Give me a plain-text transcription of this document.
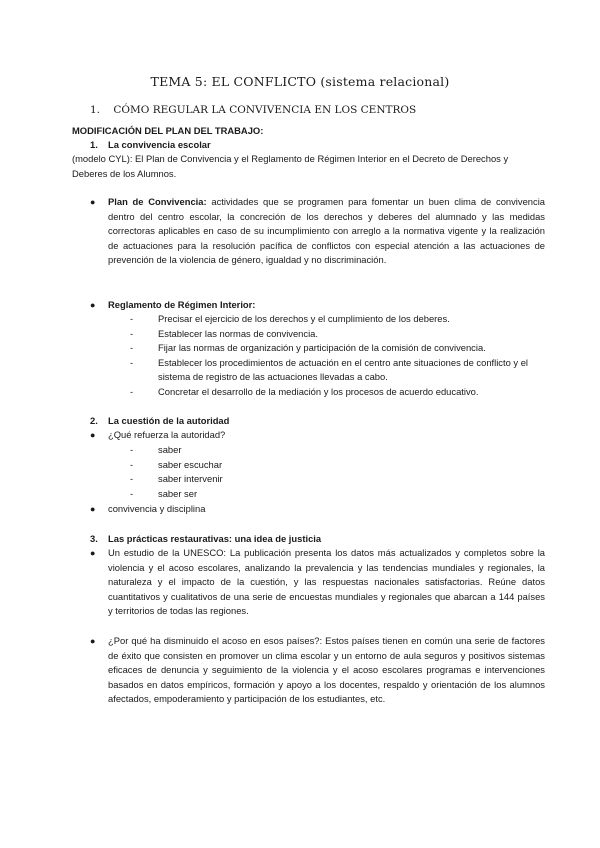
TEMA 5: EL CONFLICTO (sistema relacional)
1. CÓMO REGULAR LA CONVIVENCIA EN LOS CENTROS
MODIFICACIÓN DEL PLAN DEL TRABAJO:
1. La convivencia escolar
(modelo CYL): El Plan de Convivencia y el Reglamento de Régimen Interior en el Decreto de Derechos y Deberes de los Alumnos.
● Plan de Convivencia: actividades que se programen para fomentar un buen clima de convivencia dentro del centro escolar, la concreción de los derechos y deberes del alumnado y las medidas correctoras aplicables en caso de su incumplimiento con arreglo a la normativa vigente y la realización de actuaciones para la resolución pacífica de conflictos con especial atención a las actuaciones de prevención de la violencia de género, igualdad y no discriminación.
● Reglamento de Régimen Interior:
-	Precisar el ejercicio de los derechos y el cumplimiento de los deberes.
-	Establecer las normas de convivencia.
-	Fijar las normas de organización y participación de la comisión de convivencia.
-	Establecer los procedimientos de actuación en el centro ante situaciones de conflicto y el sistema de registro de las actuaciones llevadas a cabo.
-	Concretar el desarrollo de la mediación y los procesos de acuerdo educativo.
2. La cuestión de la autoridad
● ¿Qué refuerza la autoridad?
-	saber
-	saber escuchar
-	saber intervenir
-	saber ser
● convivencia y disciplina
3. Las prácticas restaurativas: una idea de justicia
● Un estudio de la UNESCO: La publicación presenta los datos más actualizados y completos sobre la violencia y el acoso escolares, analizando la prevalencia y las tendencias mundiales y regionales, la naturaleza y el impacto de la cuestión, y las respuestas nacionales satisfactorias. Reúne datos cuantitativos y cualitativos de una serie de encuestas mundiales y regionales que abarcan a 144 países y territorios de todas las regiones.
● ¿Por qué ha disminuido el acoso en esos países?: Estos países tienen en común una serie de factores de éxito que consisten en promover un clima escolar y un entorno de aula seguros y positivos sistemas eficaces de denuncia y seguimiento de la violencia y el acoso escolares programas e intervenciones basados en datos empíricos, formación y apoyo a los docentes, respaldo y orientación de los alumnos afectados, empoderamiento y participación de los estudiantes, etc.
